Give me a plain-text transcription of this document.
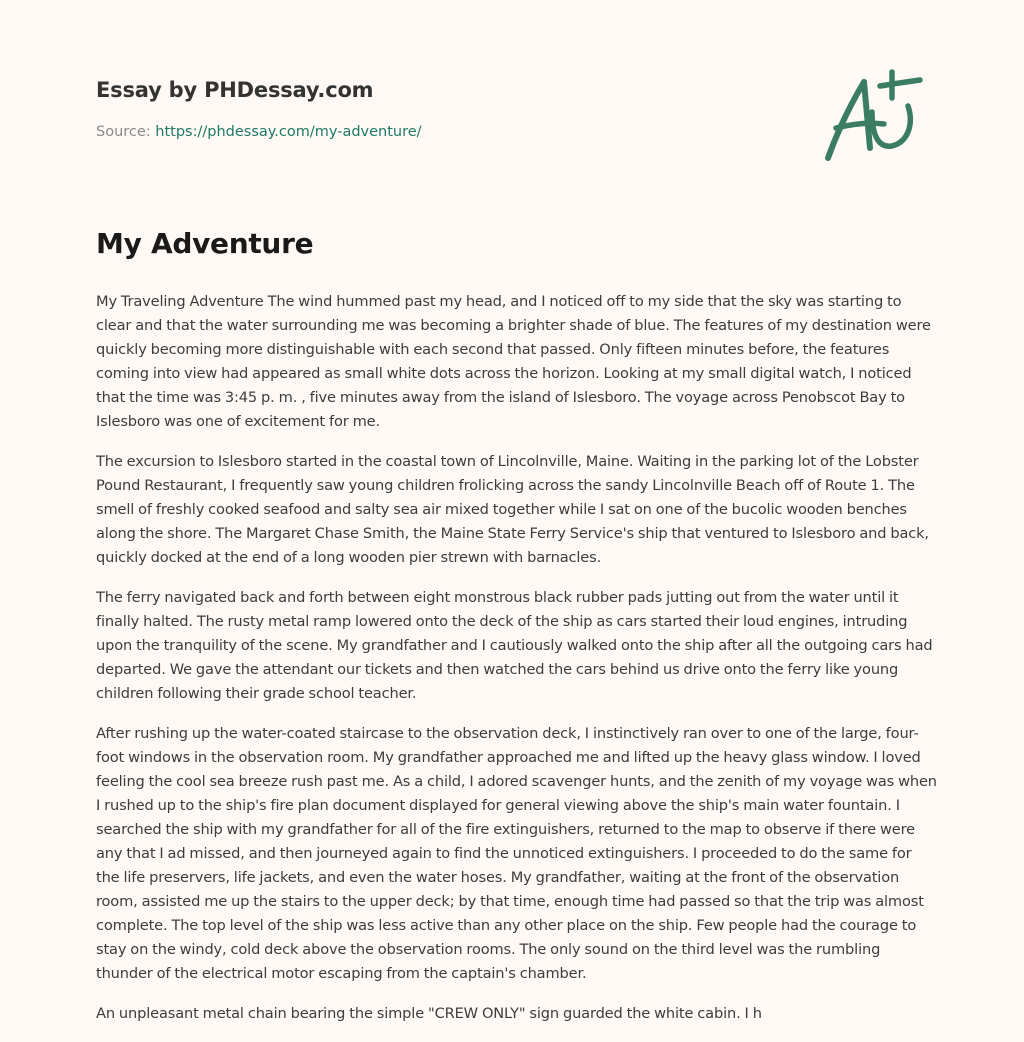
Essay by PHDessay.com
Source: https://phdessay.com/my-adventure/
My Adventure

My Traveling Adventure The wind hummed past my head, and I noticed off to my side that the sky was starting to clear and that the water surrounding me was becoming a brighter shade of blue. The features of my destination were quickly becoming more distinguishable with each second that passed. Only fifteen minutes before, the features coming into view had appeared as small white dots across the horizon. Looking at my small digital watch, I noticed that the time was 3:45 p. m. , five minutes away from the island of Islesboro. The voyage across Penobscot Bay to Islesboro was one of excitement for me.

The excursion to Islesboro started in the coastal town of Lincolnville, Maine. Waiting in the parking lot of the Lobster Pound Restaurant, I frequently saw young children frolicking across the sandy Lincolnville Beach off of Route 1. The smell of freshly cooked seafood and salty sea air mixed together while I sat on one of the bucolic wooden benches along the shore. The Margaret Chase Smith, the Maine State Ferry Service's ship that ventured to Islesboro and back, quickly docked at the end of a long wooden pier strewn with barnacles.

The ferry navigated back and forth between eight monstrous black rubber pads jutting out from the water until it finally halted. The rusty metal ramp lowered onto the deck of the ship as cars started their loud engines, intruding upon the tranquility of the scene. My grandfather and I cautiously walked onto the ship after all the outgoing cars had departed. We gave the attendant our tickets and then watched the cars behind us drive onto the ferry like young children following their grade school teacher.

After rushing up the water-coated staircase to the observation deck, I instinctively ran over to one of the large, four-foot windows in the observation room. My grandfather approached me and lifted up the heavy glass window. I loved feeling the cool sea breeze rush past me. As a child, I adored scavenger hunts, and the zenith of my voyage was when I rushed up to the ship's fire plan document displayed for general viewing above the ship's main water fountain. I searched the ship with my grandfather for all of the fire extinguishers, returned to the map to observe if there were any that I ad missed, and then journeyed again to find the unnoticed extinguishers. I proceeded to do the same for the life preservers, life jackets, and even the water hoses. My grandfather, waiting at the front of the observation room, assisted me up the stairs to the upper deck; by that time, enough time had passed so that the trip was almost complete. The top level of the ship was less active than any other place on the ship. Few people had the courage to stay on the windy, cold deck above the observation rooms. The only sound on the third level was the rumbling thunder of the electrical motor escaping from the captain's chamber.

An unpleasant metal chain bearing the simple "CREW ONLY" sign guarded the white cabin. I h
